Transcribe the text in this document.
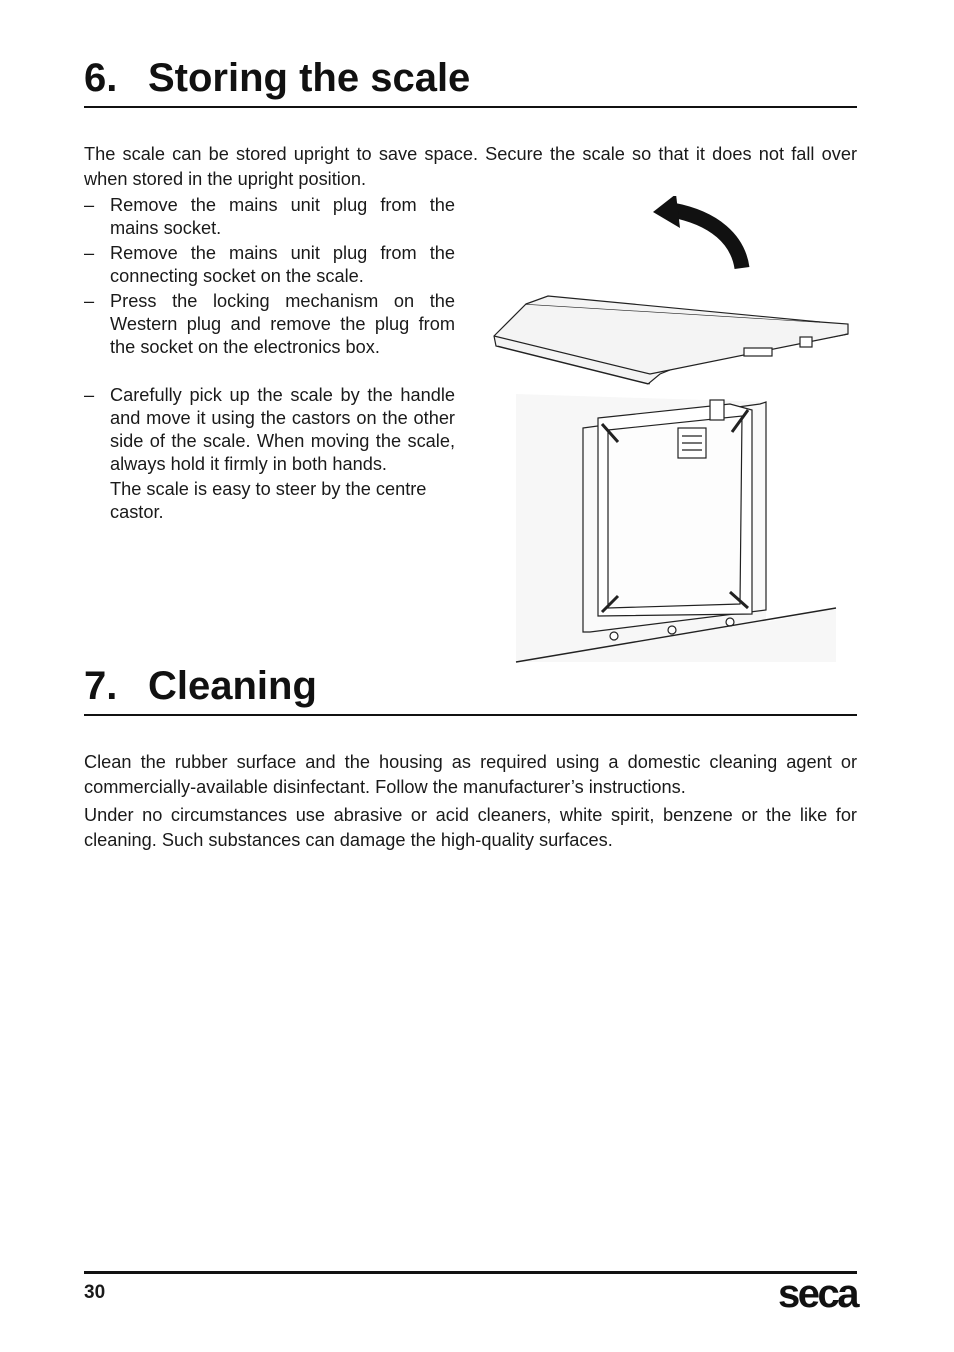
6. Storing the scale

The scale can be stored upright to save space. Secure the scale so that it does not fall over when stored in the upright position.

– Remove the mains unit plug from the mains socket.
– Remove the mains unit plug from the connecting socket on the scale.
– Press the locking mechanism on the Western plug and remove the plug from the socket on the electronics box.
– Carefully pick up the scale by the handle and move it using the castors on the other side of the scale. When moving the scale, always hold it firmly in both hands.
The scale is easy to steer by the centre castor.
7. Cleaning

Clean the rubber surface and the housing as required using a domestic cleaning agent or commercially-available disinfectant. Follow the manufacturer’s instructions.

Under no circumstances use abrasive or acid cleaners, white spirit, benzene or the like for cleaning. Such substances can damage the high-quality surfaces.

30	seca
